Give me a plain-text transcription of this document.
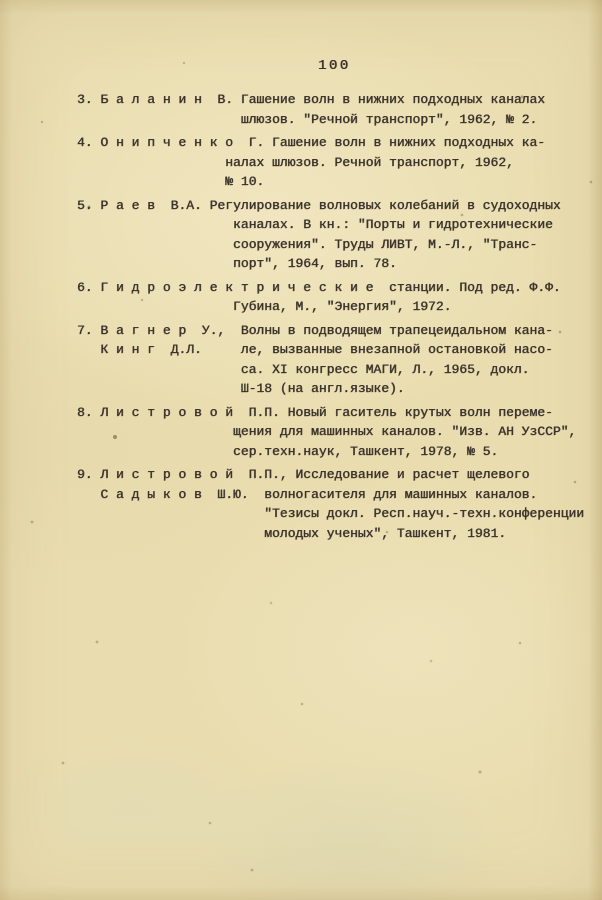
100
3. Б а л а н и н  В. Гашение волн в нижних подходных каналах
шлюзов. "Речной транспорт", 1962, № 2.
4. О н и п ч е н к о  Г. Гашение волн в нижних подходных ка-
налах шлюзов. Речной транспорт, 1962,
№ 10.
5. Р а е в  В.А. Регулирование волновых колебаний в судоходных
каналах. В кн.: "Порты и гидротехнические
сооружения". Труды ЛИВТ, М.-Л., "Транс-
порт", 1964, вып. 78.
6. Г и д р о э л е к т р и ч е с к и е  станции. Под ред. Ф.Ф.
Губина, М., "Энергия", 1972.
7. В а г н е р  У.,  Волны в подводящем трапецеидальном кана-
К и н г  Д.Л.     ле, вызванные внезапной остановкой насо-
са. XI конгресс МАГИ, Л., 1965, докл.
Ш-18 (на англ.языке).
8. Л и с т р о в о й  П.П. Новый гаситель крутых волн переме-
щения для машинных каналов. "Изв. АН УзССР",
сер.техн.наук, Ташкент, 1978, № 5.
9. Л и с т р о в о й  П.П., Исследование и расчет щелевого
С а д ы к о в  Ш.Ю.  волногасителя для машинных каналов.
"Тезисы докл. Респ.науч.-техн.конференции
молодых ученых", Ташкент, 1981.
